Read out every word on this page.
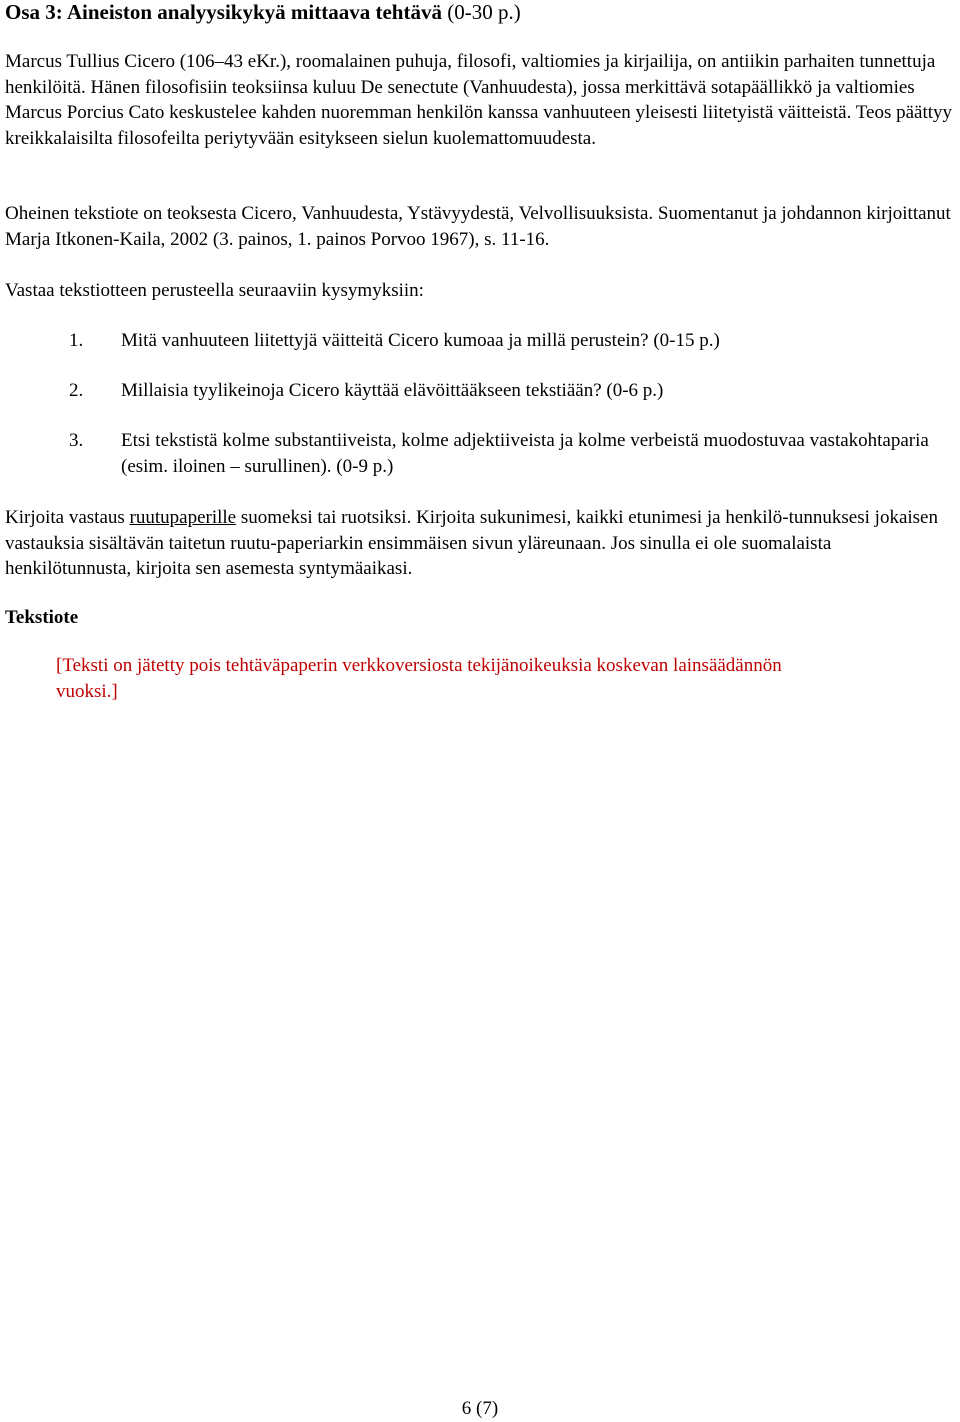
Osa 3: Aineiston analyysikykyä mittaava tehtävä (0-30 p.)
Marcus Tullius Cicero (106–43 eKr.), roomalainen puhuja, filosofi, valtiomies ja kirjailija, on antiikin parhaiten tunnettuja henkilöitä. Hänen filosofisiin teoksiinsa kuluu De senectute (Vanhuudesta), jossa merkittävä sotapäällikkö ja valtiomies Marcus Porcius Cato keskustelee kahden nuoremman henkilön kanssa vanhuuteen yleisesti liitetyistä väitteistä. Teos päättyy kreikkalaisilta filosofeilta periytyvään esitykseen sielun kuolemattomuudesta.
Oheinen tekstiote on teoksesta Cicero, Vanhuudesta, Ystävyydestä, Velvollisuuksista. Suomentanut ja johdannon kirjoittanut Marja Itkonen-Kaila, 2002 (3. painos, 1. painos Porvoo 1967), s. 11-16.
Vastaa tekstiotteen perusteella seuraaviin kysymyksiin:
1. Mitä vanhuuteen liitettyjä väitteitä Cicero kumoaa ja millä perustein? (0-15 p.)
2. Millaisia tyylikeinoja Cicero käyttää elävöittääkseen tekstiään? (0-6 p.)
3. Etsi tekstistä kolme substantiiveista, kolme adjektiiveista ja kolme verbeistä muodostuvaa vastakohtaparia (esim. iloinen – surullinen). (0-9 p.)
Kirjoita vastaus ruutupaperille suomeksi tai ruotsiksi. Kirjoita sukunimesi, kaikki etunimesi ja henkilö-tunnuksesi jokaisen vastauksia sisältävän taitetun ruutu-paperiarkin ensimmäisen sivun yläreunaan. Jos sinulla ei ole suomalaista henkilötunnusta, kirjoita sen asemesta syntymäaikasi.
Tekstiote
[Teksti on jätetty pois tehtäväpaperin verkkoversiosta tekijänoikeuksia koskevan lainsäädännön vuoksi.]
6 (7)
